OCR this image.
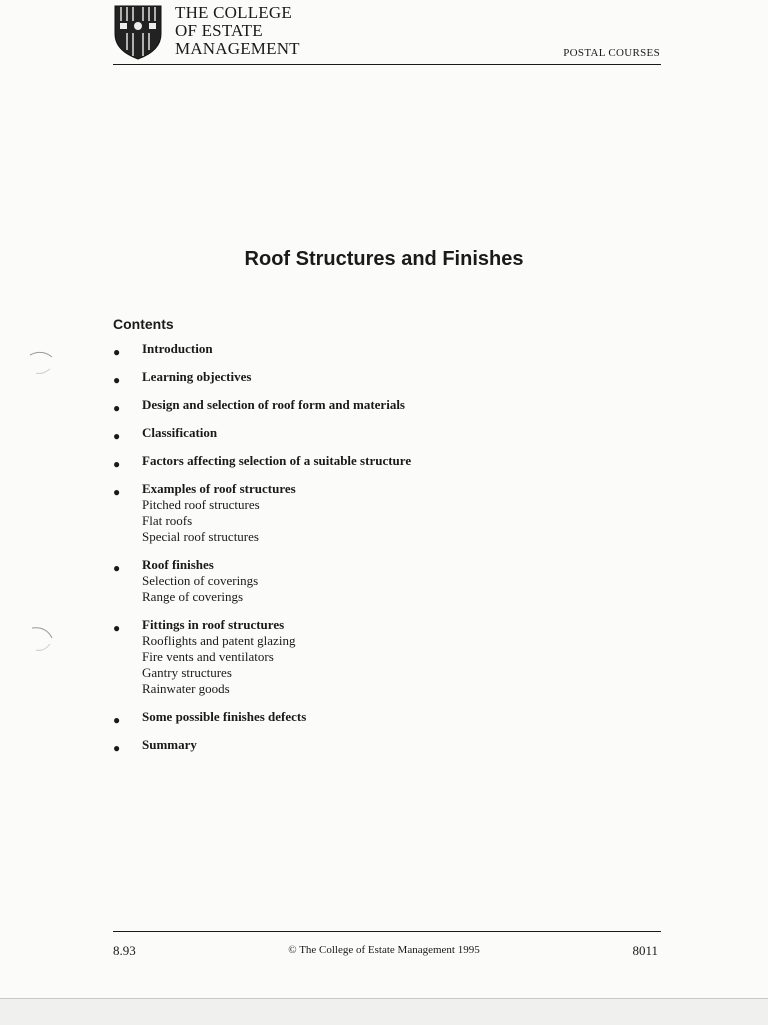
THE COLLEGE
OF ESTATE
MANAGEMENT	POSTAL COURSES
Roof Structures and Finishes
Contents
● Introduction
● Learning objectives
● Design and selection of roof form and materials
● Classification
● Factors affecting selection of a suitable structure
● Examples of roof structures
Pitched roof structures
Flat roofs
Special roof structures
● Roof finishes
Selection of coverings
Range of coverings
● Fittings in roof structures
Rooflights and patent glazing
Fire vents and ventilators
Gantry structures
Rainwater goods
● Some possible finishes defects
● Summary
8.93	© The College of Estate Management 1995	8011
